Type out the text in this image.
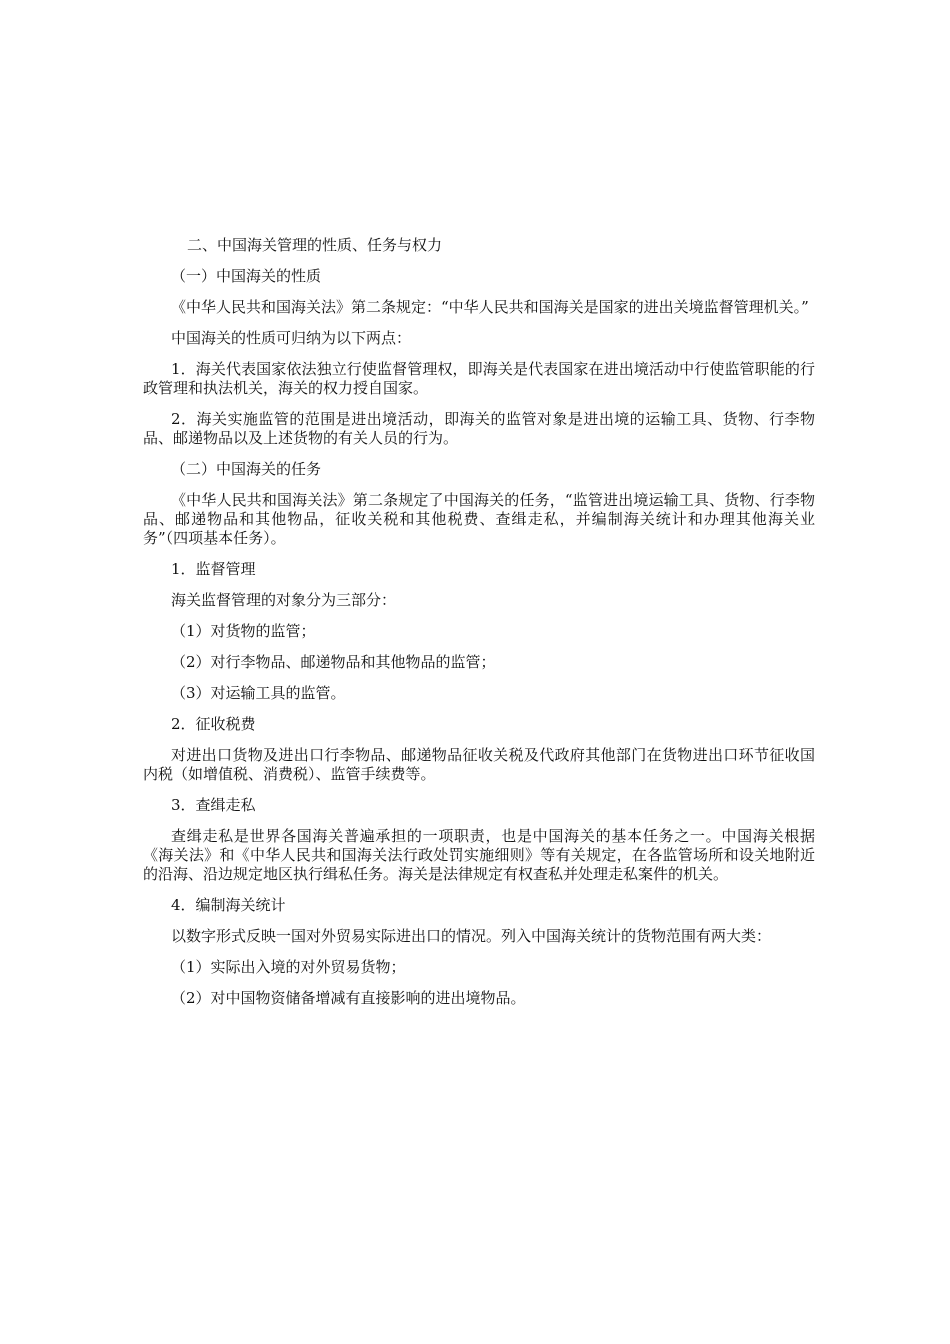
二、中国海关管理的性质、任务与权力

（一）中国海关的性质

《中华人民共和国海关法》第二条规定：“中华人民共和国海关是国家的进出关境监督管理机关。”

中国海关的性质可归纳为以下两点：

1．海关代表国家依法独立行使监督管理权，即海关是代表国家在进出境活动中行使监管职能的行政管理和执法机关，海关的权力授自国家。

2．海关实施监管的范围是进出境活动，即海关的监管对象是进出境的运输工具、货物、行李物品、邮递物品以及上述货物的有关人员的行为。

（二）中国海关的任务

《中华人民共和国海关法》第二条规定了中国海关的任务，“监管进出境运输工具、货物、行李物品、邮递物品和其他物品，征收关税和其他税费、查缉走私，并编制海关统计和办理其他海关业务”（四项基本任务）。

1．监督管理

海关监督管理的对象分为三部分：

（1）对货物的监管；

（2）对行李物品、邮递物品和其他物品的监管；

（3）对运输工具的监管。

2．征收税费

对进出口货物及进出口行李物品、邮递物品征收关税及代政府其他部门在货物进出口环节征收国内税（如增值税、消费税）、监管手续费等。

3．查缉走私

查缉走私是世界各国海关普遍承担的一项职责，也是中国海关的基本任务之一。中国海关根据《海关法》和《中华人民共和国海关法行政处罚实施细则》等有关规定，在各监管场所和设关地附近的沿海、沿边规定地区执行缉私任务。海关是法律规定有权查私并处理走私案件的机关。

4．编制海关统计

以数字形式反映一国对外贸易实际进出口的情况。列入中国海关统计的货物范围有两大类：

（1）实际出入境的对外贸易货物；

（2）对中国物资储备增减有直接影响的进出境物品。
